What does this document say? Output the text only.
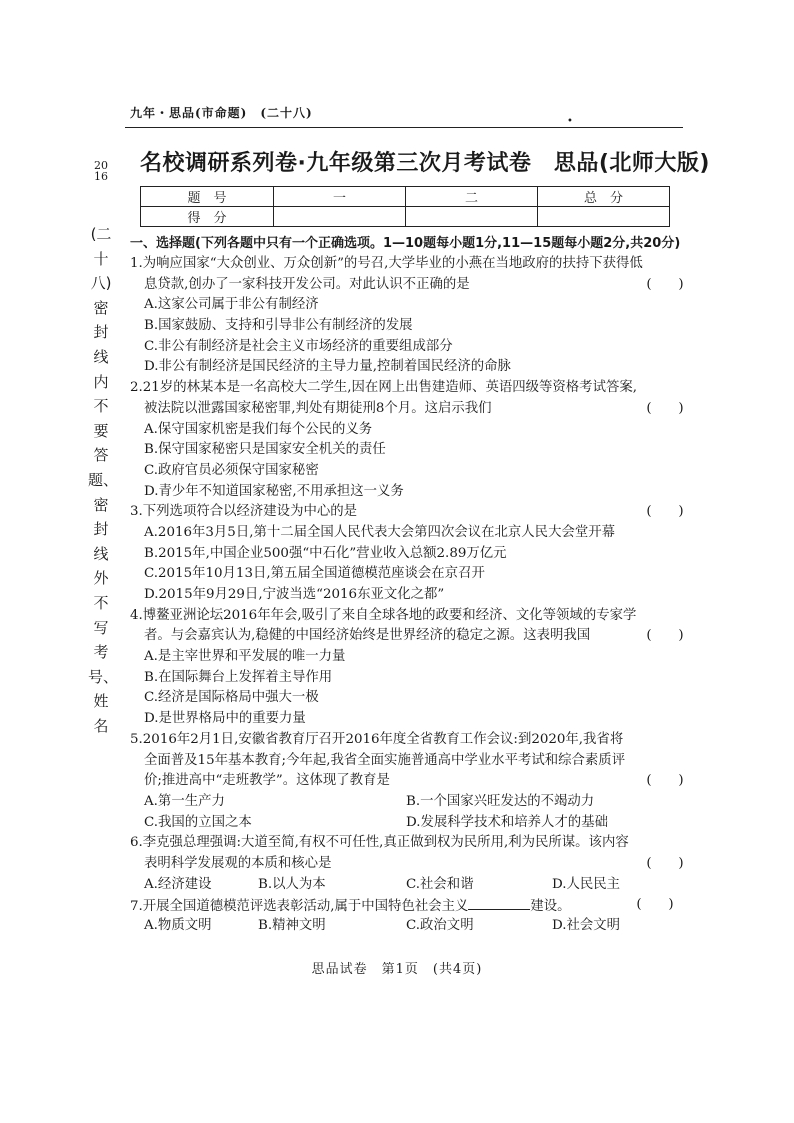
九年・思品(市命题)　(二十八)
•
2016
(二十八)密封线内不要答题、密封线外不写考号、姓名
名校调研系列卷·九年级第三次月考试卷　思品(北师大版)
题　号	一	二	总　分
得　分			
一、选择题(下列各题中只有一个正确选项。1—10题每小题1分,11—15题每小题2分,共20分)
1.为响应国家“大众创业、万众创新”的号召,大学毕业的小燕在当地政府的扶持下获得低
息贷款,创办了一家科技开发公司。对此认识不正确的是	(　　)
A.这家公司属于非公有制经济
B.国家鼓励、支持和引导非公有制经济的发展
C.非公有制经济是社会主义市场经济的重要组成部分
D.非公有制经济是国民经济的主导力量,控制着国民经济的命脉
2.21岁的林某本是一名高校大二学生,因在网上出售建造师、英语四级等资格考试答案,
被法院以泄露国家秘密罪,判处有期徒刑8个月。这启示我们	(　　)
A.保守国家机密是我们每个公民的义务
B.保守国家秘密只是国家安全机关的责任
C.政府官员必须保守国家秘密
D.青少年不知道国家秘密,不用承担这一义务
3.下列选项符合以经济建设为中心的是	(　　)
A.2016年3月5日,第十二届全国人民代表大会第四次会议在北京人民大会堂开幕
B.2015年,中国企业500强“中石化”营业收入总额2.89万亿元
C.2015年10月13日,第五届全国道德模范座谈会在京召开
D.2015年9月29日,宁波当选“2016东亚文化之都”
4.博鳌亚洲论坛2016年年会,吸引了来自全球各地的政要和经济、文化等领域的专家学
者。与会嘉宾认为,稳健的中国经济始终是世界经济的稳定之源。这表明我国	(　　)
A.是主宰世界和平发展的唯一力量
B.在国际舞台上发挥着主导作用
C.经济是国际格局中强大一极
D.是世界格局中的重要力量
5.2016年2月1日,安徽省教育厅召开2016年度全省教育工作会议:到2020年,我省将
全面普及15年基本教育;今年起,我省全面实施普通高中学业水平考试和综合素质评
价;推进高中“走班教学”。这体现了教育是	(　　)
A.第一生产力	B.一个国家兴旺发达的不竭动力
C.我国的立国之本	D.发展科学技术和培养人才的基础
6.李克强总理强调:大道至简,有权不可任性,真正做到权为民所用,利为民所谋。该内容
表明科学发展观的本质和核心是	(　　)
A.经济建设	B.以人为本	C.社会和谐	D.人民民主
7.开展全国道德模范评选表彰活动,属于中国特色社会主义	建设。	(　　)
A.物质文明	B.精神文明	C.政治文明	D.社会文明
思品试卷　第1页　(共4页)
